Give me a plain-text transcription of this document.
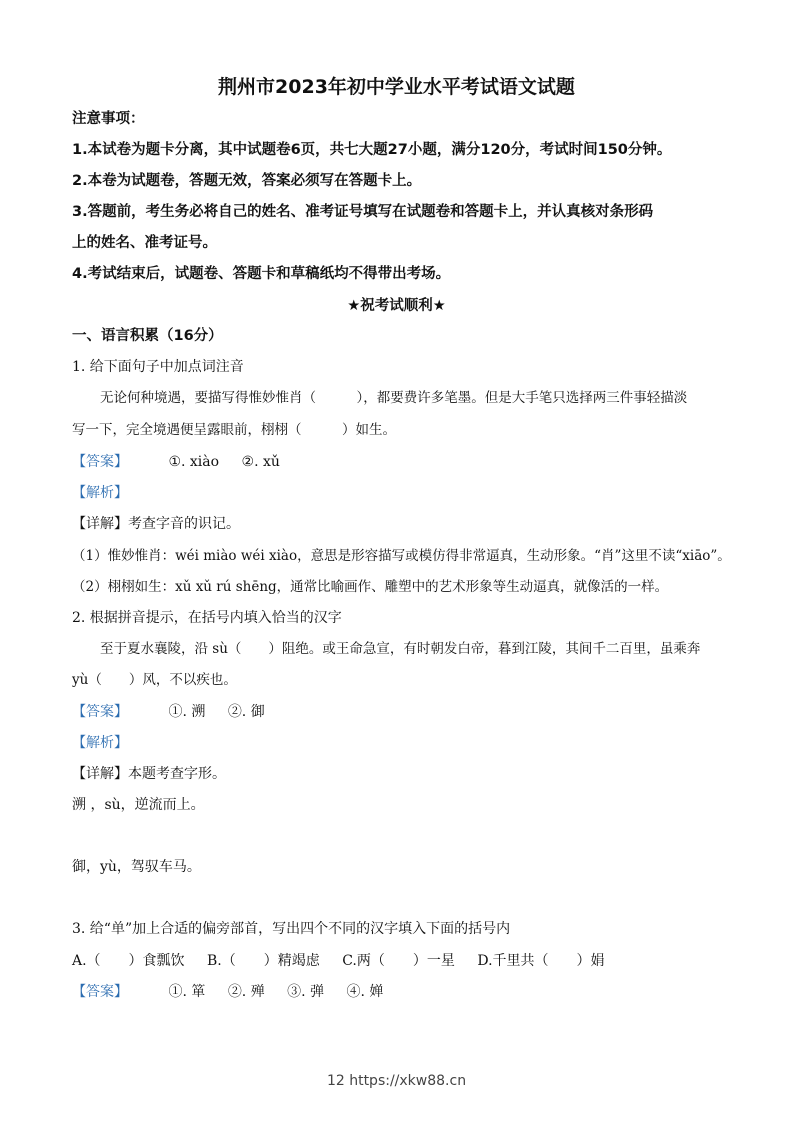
荆州市2023年初中学业水平考试语文试题
注意事项：
1.本试卷为题卡分离，其中试题卷6页，共七大题27小题，满分120分，考试时间150分钟。
2.本卷为试题卷，答题无效，答案必须写在答题卡上。
3.答题前，考生务必将自己的姓名、准考证号填写在试题卷和答题卡上，并认真核对条形码
上的姓名、准考证号。
4.考试结束后，试题卷、答题卡和草稿纸均不得带出考场。
★祝考试顺利★
一、语言积累（16分）
1. 给下面句子中加点词注音
无论何种境遇，要描写得惟妙惟肖（　　　），都要费许多笔墨。但是大手笔只选择两三件事轻描淡
写一下，完全境遇便呈露眼前，栩栩（　　　）如生。
【答案】	①. xiào ②. xǔ
【解析】
【详解】考查字音的识记。
（1）惟妙惟肖：wéi miào wéi xiào，意思是形容描写或模仿得非常逼真，生动形象。“肖”这里不读“xiāo”。
（2）栩栩如生：xǔ xǔ rú shēng，通常比喻画作、雕塑中的艺术形象等生动逼真，就像活的一样。
2. 根据拼音提示，在括号内填入恰当的汉字
至于夏水襄陵，沿 sù（　　）阻绝。或王命急宣，有时朝发白帝，暮到江陵，其间千二百里，虽乘奔
yù（　　）风，不以疾也。
【答案】	①. 溯 ②. 御
【解析】
【详解】本题考查字形。
溯 ，sù，逆流而上。
御，yù，驾驭车马。
3. 给“单”加上合适的偏旁部首，写出四个不同的汉字填入下面的括号内
A.（　　）食瓢饮 B.（　　）精竭虑 C.两（　　）一星 D.千里共（　　）娟
【答案】	①. 箪 ②. 殚 ③. 弹 ④. 婵
12 https://xkw88.cn
